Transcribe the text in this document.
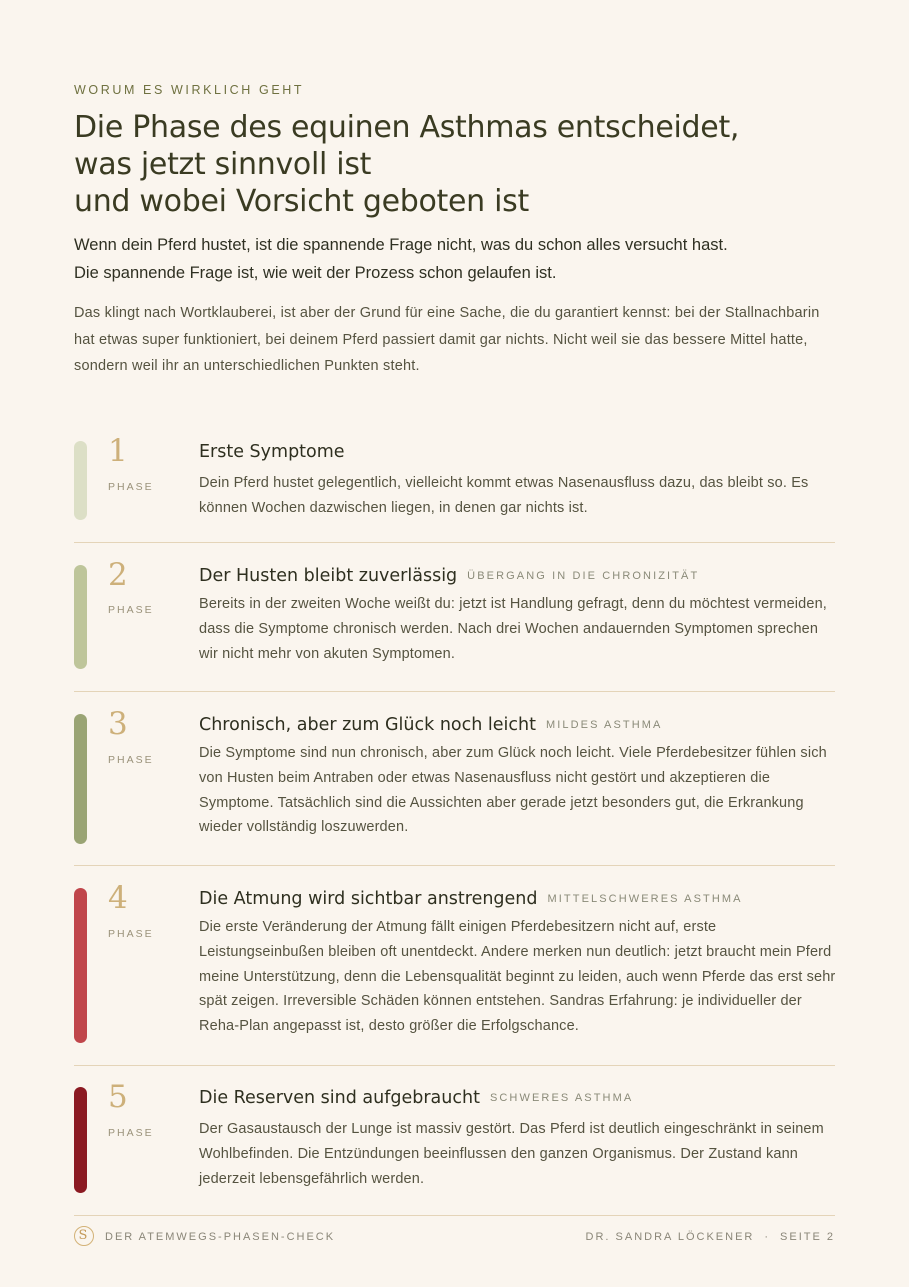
WORUM ES WIRKLICH GEHT
Die Phase des equinen Asthmas entscheidet,
was jetzt sinnvoll ist
und wobei Vorsicht geboten ist
Wenn dein Pferd hustet, ist die spannende Frage nicht, was du schon alles versucht hast.
Die spannende Frage ist, wie weit der Prozess schon gelaufen ist.
Das klingt nach Wortklauberei, ist aber der Grund für eine Sache, die du garantiert kennst: bei der Stallnachbarin hat etwas super funktioniert, bei deinem Pferd passiert damit gar nichts. Nicht weil sie das bessere Mittel hatte, sondern weil ihr an unterschiedlichen Punkten steht.
1
PHASE
Erste Symptome
Dein Pferd hustet gelegentlich, vielleicht kommt etwas Nasenausfluss dazu, das bleibt so. Es können Wochen dazwischen liegen, in denen gar nichts ist.
2
PHASE
Der Husten bleibt zuverlässig ÜBERGANG IN DIE CHRONIZITÄT
Bereits in der zweiten Woche weißt du: jetzt ist Handlung gefragt, denn du möchtest vermeiden, dass die Symptome chronisch werden. Nach drei Wochen andauernden Symptomen sprechen wir nicht mehr von akuten Symptomen.
3
PHASE
Chronisch, aber zum Glück noch leicht MILDES ASTHMA
Die Symptome sind nun chronisch, aber zum Glück noch leicht. Viele Pferdebesitzer fühlen sich von Husten beim Antraben oder etwas Nasenausfluss nicht gestört und akzeptieren die Symptome. Tatsächlich sind die Aussichten aber gerade jetzt besonders gut, die Erkrankung wieder vollständig loszuwerden.
4
PHASE
Die Atmung wird sichtbar anstrengend MITTELSCHWERES ASTHMA
Die erste Veränderung der Atmung fällt einigen Pferdebesitzern nicht auf, erste Leistungseinbußen bleiben oft unentdeckt. Andere merken nun deutlich: jetzt braucht mein Pferd meine Unterstützung, denn die Lebensqualität beginnt zu leiden, auch wenn Pferde das erst sehr spät zeigen. Irreversible Schäden können entstehen. Sandras Erfahrung: je individueller der Reha-Plan angepasst ist, desto größer die Erfolgschance.
5
PHASE
Die Reserven sind aufgebraucht SCHWERES ASTHMA
Der Gasaustausch der Lunge ist massiv gestört. Das Pferd ist deutlich eingeschränkt in seinem Wohlbefinden. Die Entzündungen beeinflussen den ganzen Organismus. Der Zustand kann jederzeit lebensgefährlich werden.
S	DER ATEMWEGS-PHASEN-CHECK	DR. SANDRA LÖCKENER · SEITE 2
